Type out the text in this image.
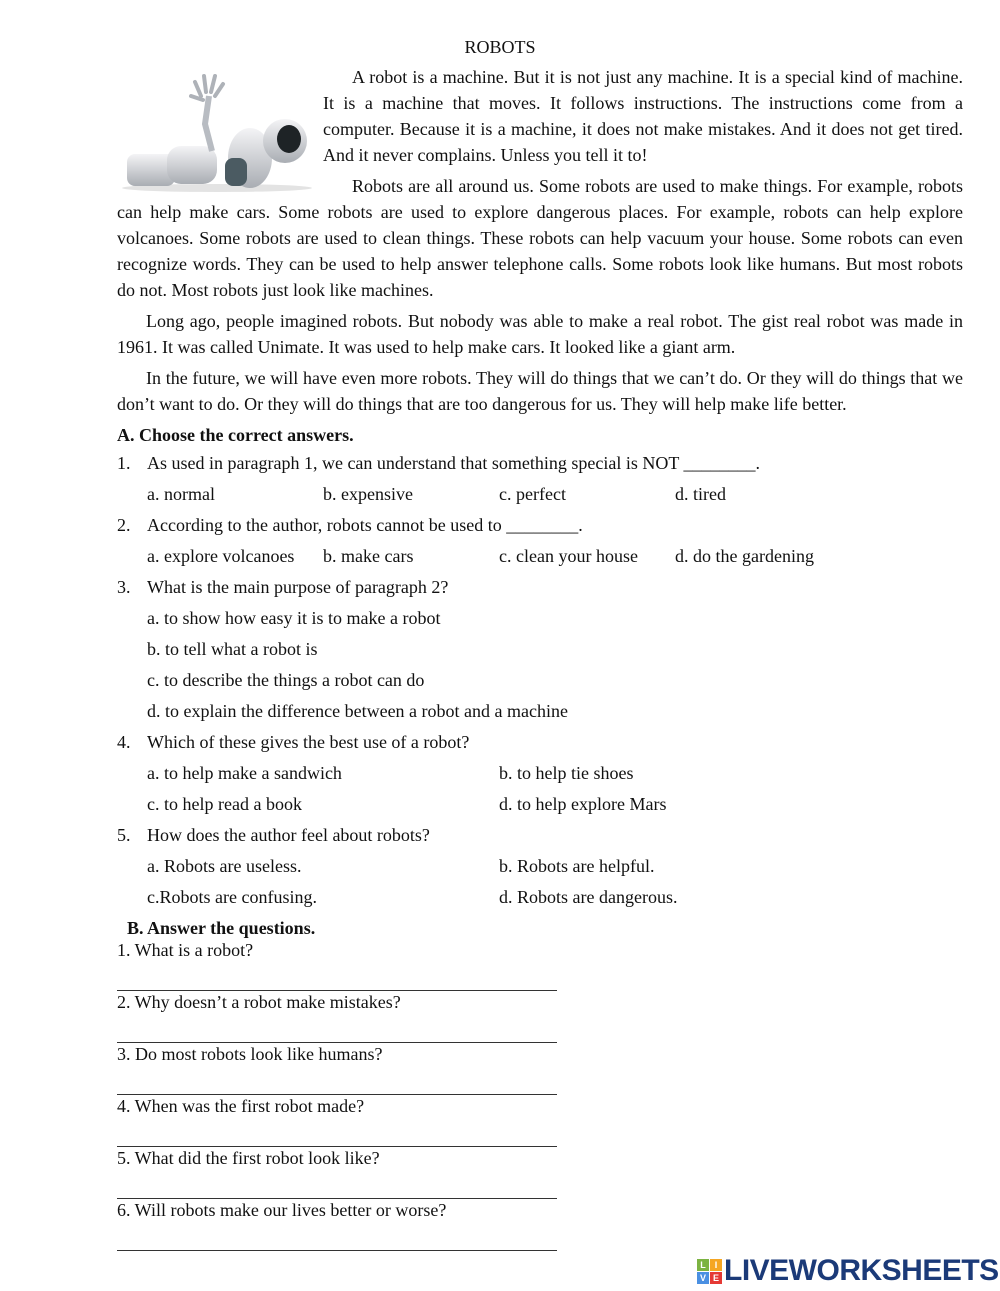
ROBOTS

A robot is a machine. But it is not just any machine. It is a special kind of machine. It is a machine that moves. It follows instructions. The instructions come from a computer. Because it is a machine, it does not make mistakes. And it does not get tired. And it never complains. Unless you tell it to!

Robots are all around us. Some robots are used to make things. For example, robots can help make cars. Some robots are used to explore dangerous places. For example, robots can help explore volcanoes. Some robots are used to clean things. These robots can help vacuum your house. Some robots can even recognize words. They can be used to help answer telephone calls. Some robots look like humans. But most robots do not. Most robots just look like machines.

Long ago, people imagined robots. But nobody was able to make a real robot. The gist real robot was made in 1961. It was called Unimate. It was used to help make cars. It looked like a giant arm.

In the future, we will have even more robots. They will do things that we can’t do. Or they will do things that we don’t want to do. Or they will do things that are too dangerous for us. They will help make life better.

A. Choose the correct answers.
1. As used in paragraph 1, we can understand that something special is NOT ________.
a. normal	b. expensive	c. perfect	d. tired
2. According to the author, robots cannot be used to ________.
a. explore volcanoes	b. make cars	c. clean your house	d. do the gardening
3. What is the main purpose of paragraph 2?
a. to show how easy it is to make a robot
b. to tell what a robot is
c. to describe the things a robot can do
d. to explain the difference between a robot and a machine
4. Which of these gives the best use of a robot?
a. to help make a sandwich	b. to help tie shoes
c. to help read a book	d. to help explore Mars
5. How does the author feel about robots?
a. Robots are useless.	b. Robots are helpful.
c.Robots are confusing.	d. Robots are dangerous.
B. Answer the questions.
1. What is a robot?
2. Why doesn’t a robot make mistakes?
3. Do most robots look like humans?
4. When was the first robot made?
5. What did the first robot look like?
6. Will robots make our lives better or worse?
L I
V E LIVEWORKSHEETS
